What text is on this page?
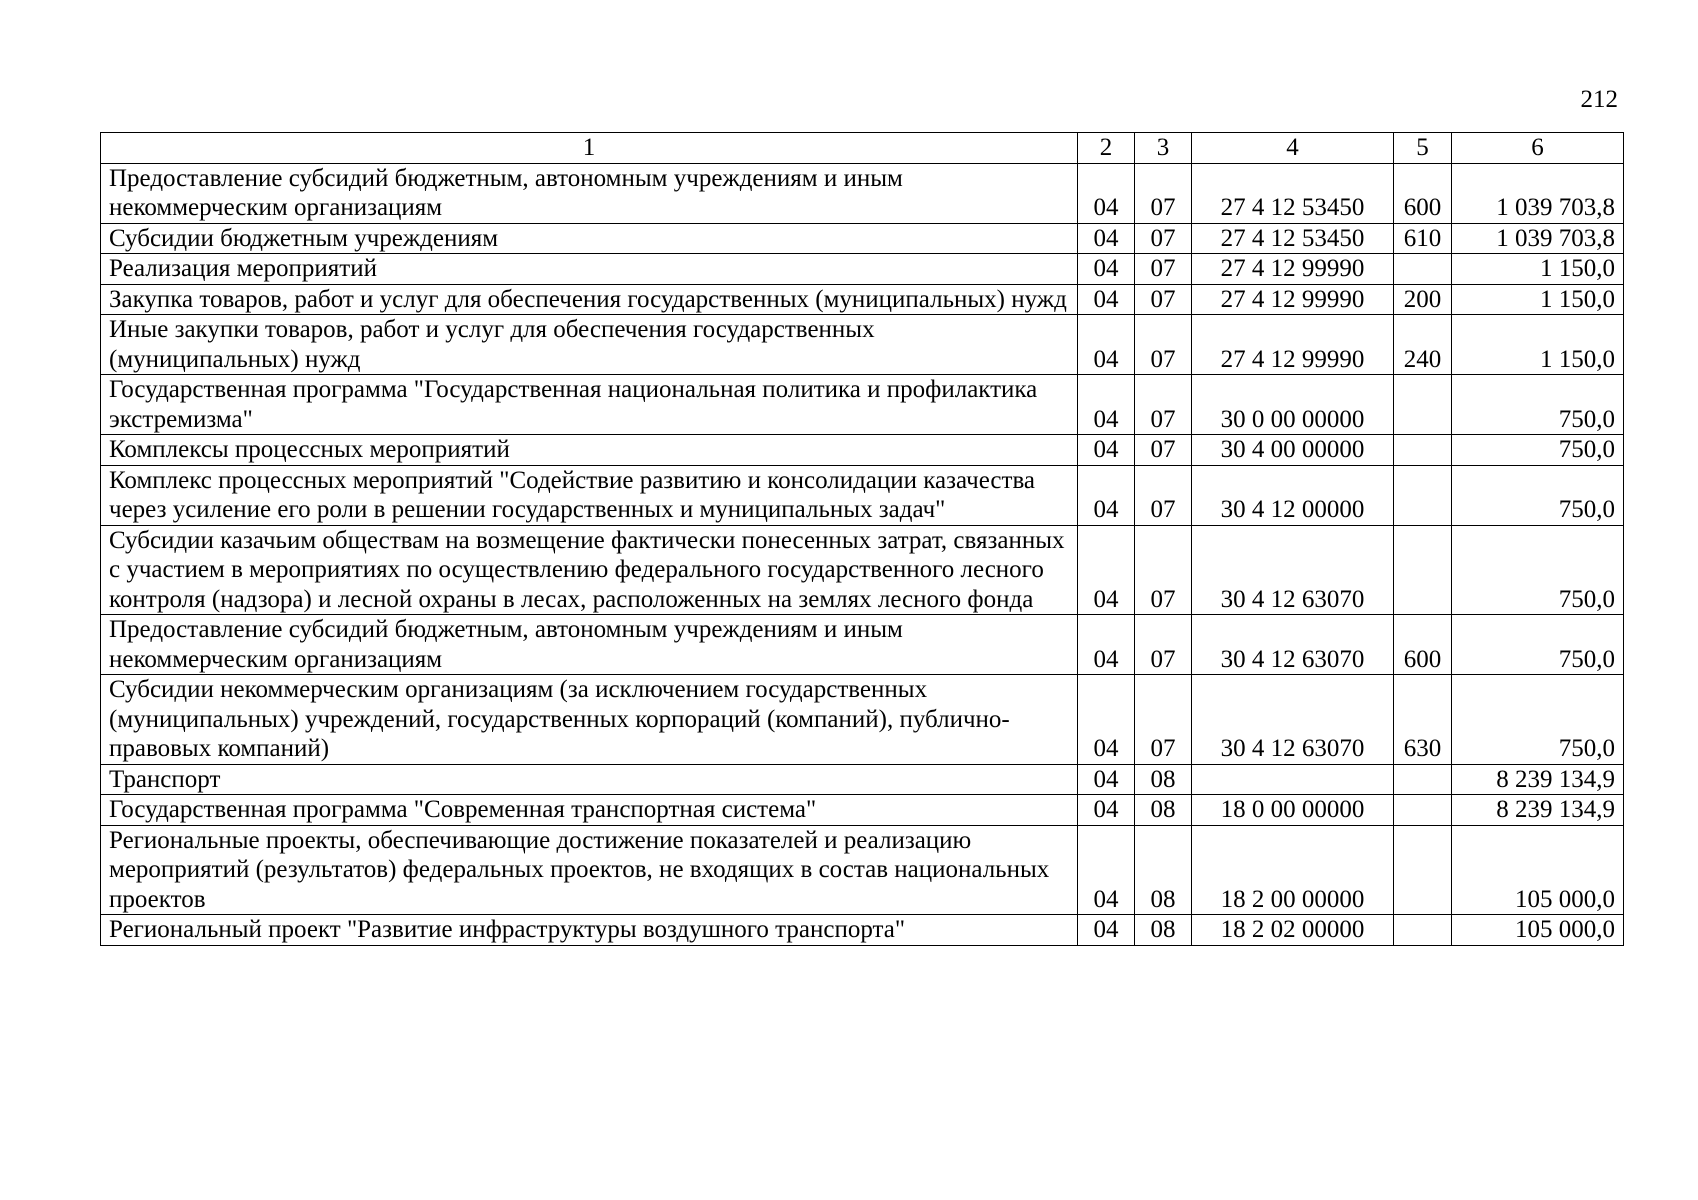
212
1	2	3	4	5	6
Предоставление субсидий бюджетным, автономным учреждениям и иным некоммерческим организациям	04	07	27 4 12 53450	600	1 039 703,8
Субсидии бюджетным учреждениям	04	07	27 4 12 53450	610	1 039 703,8
Реализация мероприятий	04	07	27 4 12 99990		1 150,0
Закупка товаров, работ и услуг для обеспечения государственных (муниципальных) нужд	04	07	27 4 12 99990	200	1 150,0
Иные закупки товаров, работ и услуг для обеспечения государственных (муниципальных) нужд	04	07	27 4 12 99990	240	1 150,0
Государственная программа "Государственная национальная политика и профилактика экстремизма"	04	07	30 0 00 00000		750,0
Комплексы процессных мероприятий	04	07	30 4 00 00000		750,0
Комплекс процессных мероприятий "Содействие развитию и консолидации казачества через усиление его роли в решении государственных и муниципальных задач"	04	07	30 4 12 00000		750,0
Субсидии казачьим обществам на возмещение фактически понесенных затрат, связанных с участием в мероприятиях по осуществлению федерального государственного лесного контроля (надзора) и лесной охраны в лесах, расположенных на землях лесного фонда	04	07	30 4 12 63070		750,0
Предоставление субсидий бюджетным, автономным учреждениям и иным некоммерческим организациям	04	07	30 4 12 63070	600	750,0
Субсидии некоммерческим организациям (за исключением государственных (муниципальных) учреждений, государственных корпораций (компаний), публично-правовых компаний)	04	07	30 4 12 63070	630	750,0
Транспорт	04	08			8 239 134,9
Государственная программа "Современная транспортная система"	04	08	18 0 00 00000		8 239 134,9
Региональные проекты, обеспечивающие достижение показателей и реализацию мероприятий (результатов) федеральных проектов, не входящих в состав национальных проектов	04	08	18 2 00 00000		105 000,0
Региональный проект "Развитие инфраструктуры воздушного транспорта"	04	08	18 2 02 00000		105 000,0
